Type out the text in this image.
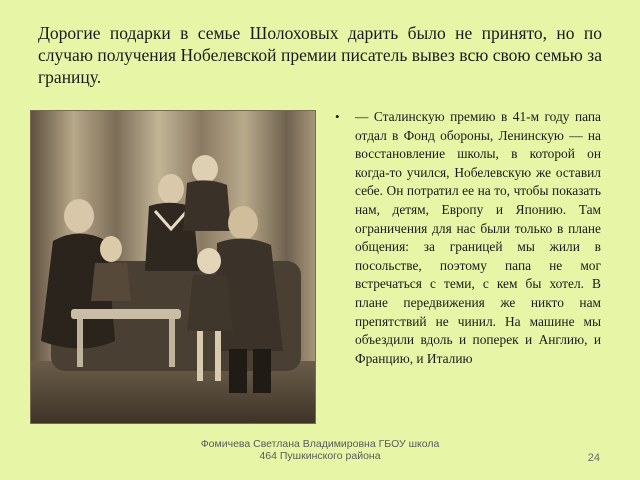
Дорогие подарки в семье Шолоховых дарить было не принято, но по случаю получения Нобелевской премии писатель вывез всю свою семью за границу.
• — Сталинскую премию в 41-м году папа отдал в Фонд обороны, Ленинскую — на восстановление школы, в которой он когда-то учился, Нобелевскую же оставил себе. Он потратил ее на то, чтобы показать нам, детям, Европу и Японию. Там ограничения для нас были только в плане общения: за границей мы жили в посольстве, поэтому папа не мог встречаться с теми, с кем бы хотел. В плане передвижения же никто нам препятствий не чинил. На машине мы объездили вдоль и поперек и Англию, и Францию, и Италию
Фомичева Светлана Владимировна ГБОУ школа 464 Пушкинского района	24
